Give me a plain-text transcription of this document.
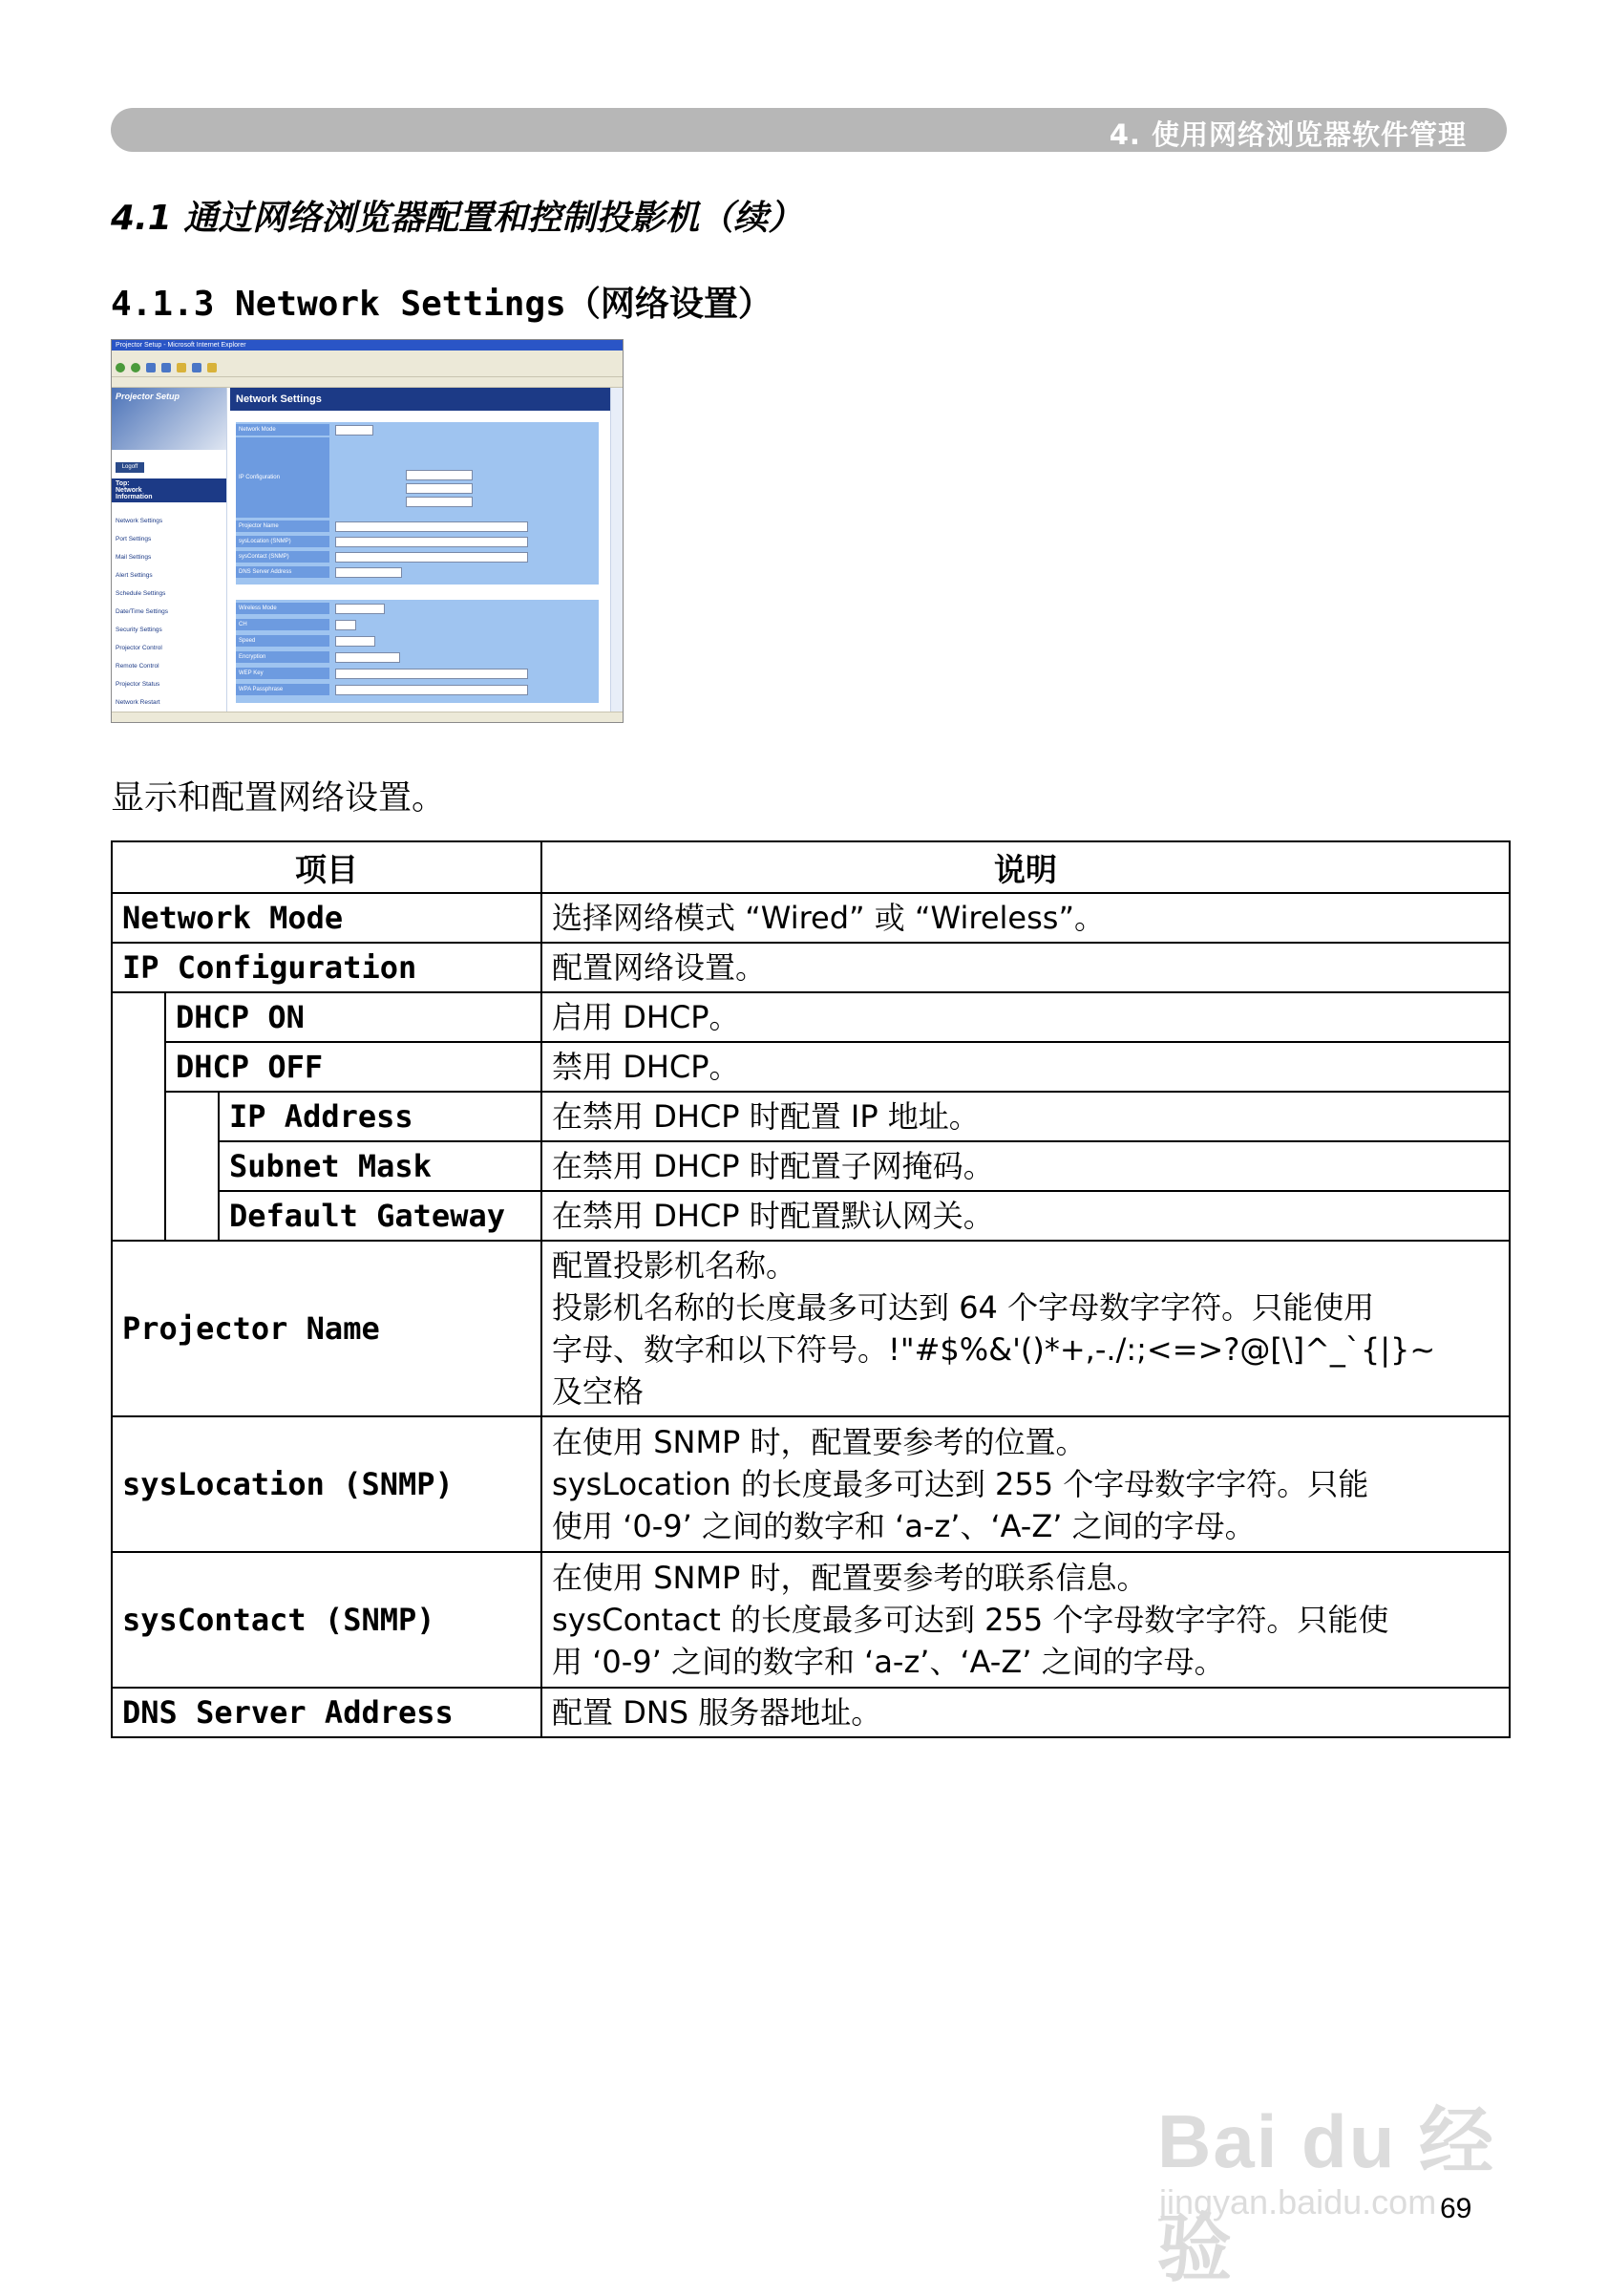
4. 使用网络浏览器软件管理
4.1 通过网络浏览器配置和控制投影机（续）
4.1.3 Network Settings（网络设置）
Projector Setup - Microsoft Internet Explorer
Projector Setup
Logoff
Top:
Network
Information
Network Settings
Port Settings
Mail Settings
Alert Settings
Schedule Settings
Date/Time Settings
Security Settings
Projector Control
Remote Control
Projector Status
Network Restart
Network Settings
Network Mode
IP Configuration
Projector Name
sysLocation (SNMP)
sysContact (SNMP)
DNS Server Address
Wireless Mode
CH
Speed
Encryption
WEP Key
WPA Passphrase
显示和配置网络设置。
项目			说明
Network Mode			选择网络模式 “Wired” 或 “Wireless”。
IP Configuration			配置网络设置。
	DHCP ON		启用 DHCP。
	DHCP OFF		禁用 DHCP。
		IP Address	在禁用 DHCP 时配置 IP 地址。
		Subnet Mask	在禁用 DHCP 时配置子网掩码。
		Default Gateway	在禁用 DHCP 时配置默认网关。
Projector Name			配置投影机名称。
投影机名称的长度最多可达到 64 个字母数字字符。只能使用
字母、数字和以下符号。!"#$%&'()*+,-./:;<=>?@[\]^_`{|}~
及空格

sysLocation (SNMP)			在使用 SNMP 时，配置要参考的位置。
sysLocation 的长度最多可达到 255 个字母数字字符。只能
使用 ‘0-9’ 之间的数字和 ‘a-z’、‘A-Z’ 之间的字母。

sysContact (SNMP)			在使用 SNMP 时，配置要参考的联系信息。
sysContact 的长度最多可达到 255 个字母数字字符。只能使
用 ‘0-9’ 之间的数字和 ‘a-z’、‘A-Z’ 之间的字母。

DNS Server Address			配置 DNS 服务器地址。
Bai du 经验
jingyan.baidu.com 69
